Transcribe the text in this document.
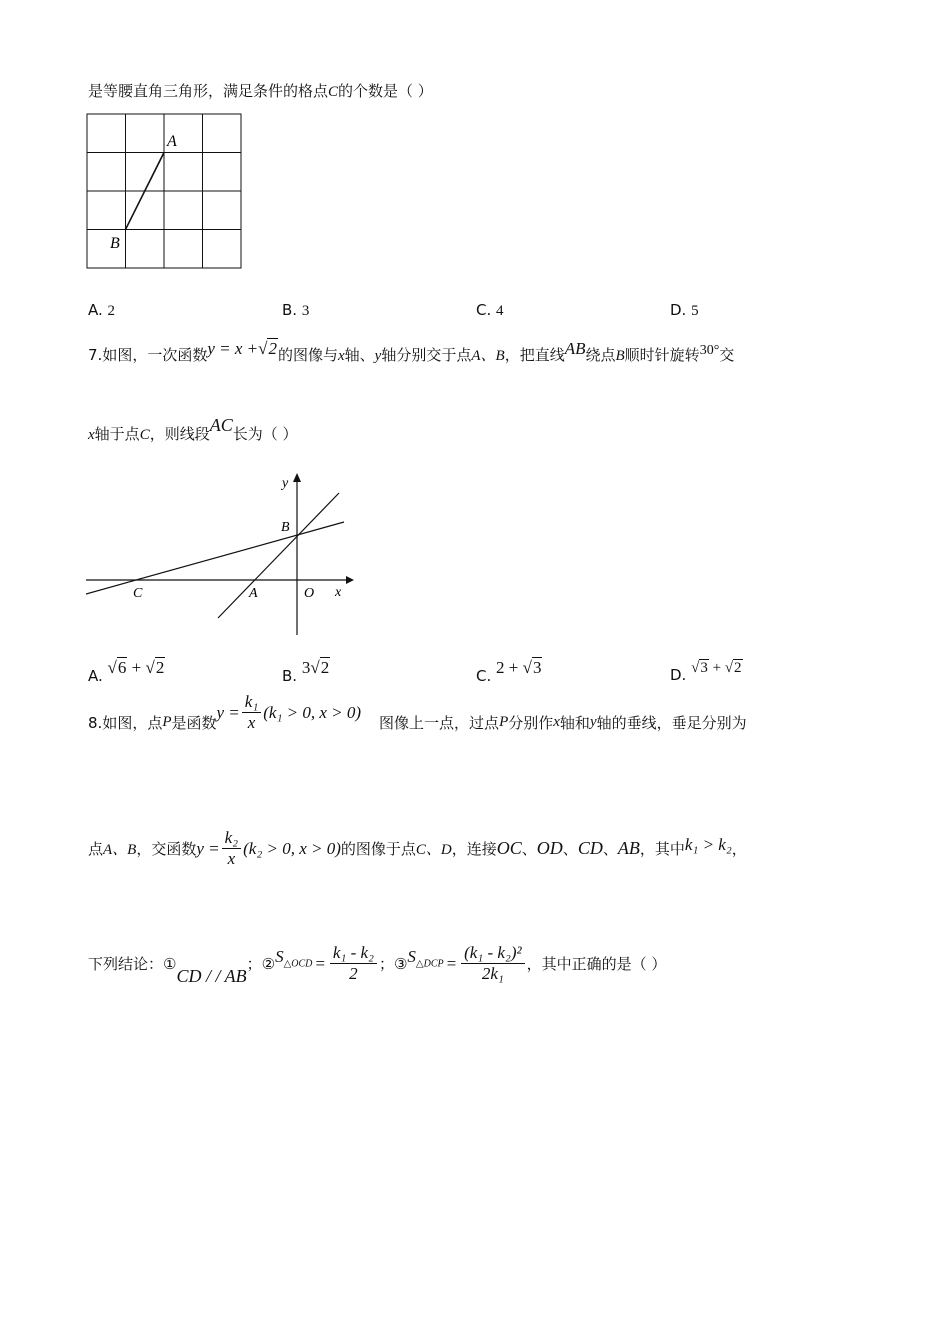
是等腰直角三角形，满足条件的格点C的个数是（ ）
A
B
A. 2	B. 3	C. 4	D. 5
7.如图，一次函数y = x +√2的图像与x轴、y轴分别交于点A、B，把直线AB绕点B顺时针旋转30°交
x轴于点C，则线段AC长为（ ）
y
x
B
C	A	O
A. √6 + √2	B. 3√2	C. 2 + √3	D. √3 + √2
8. 如图，点 P 是函数
$y = \frac{\text{k₁}}{x} (k_1 > 0$, x > 0)
图像上一点，过点 P 分别作 x 轴和 y 轴的垂线，垂足分别为
点 A、B ，交函数 $y = \frac{\text{k₂}}{x} (k_2 > 0$, x > 0) 的图像于点 C、D ，连接 OC 、 OD 、 CD 、 AB ，其中 k₁ > k₂ ，
下列结论：①
CD / / AB
；② $S_{\triangle OCD} = \frac{\text{k₁ - k₂}}{2}$ ；③ $S_{\triangle DCP} = \frac{\text{(k₁ - k₂)²}}{\text{2k₁}}$ ，其中正确的是（ ）
